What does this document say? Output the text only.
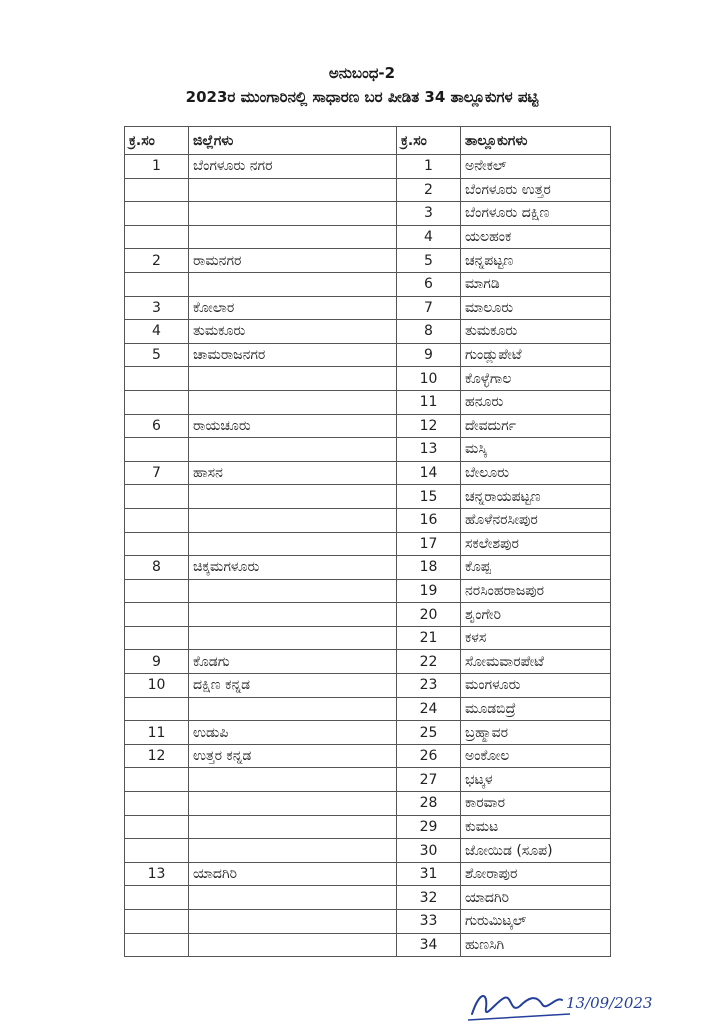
ಅನುಬಂಧ-2
2023ರ ಮುಂಗಾರಿನಲ್ಲಿ ಸಾಧಾರಣ ಬರ ಪೀಡಿತ 34 ತಾಲ್ಲೂಕುಗಳ ಪಟ್ಟಿ
ಕ್ರ.ಸಂ	ಜಿಲ್ಲೆಗಳು	ಕ್ರ.ಸಂ	ತಾಲ್ಲೂಕುಗಳು
1	ಬೆಂಗಳೂರು ನಗರ	1	ಅನೇಕಲ್
		2	ಬೆಂಗಳೂರು ಉತ್ತರ
		3	ಬೆಂಗಳೂರು ದಕ್ಷಿಣ
		4	ಯಲಹಂಕ
2	ರಾಮನಗರ	5	ಚನ್ನಪಟ್ಟಣ
		6	ಮಾಗಡಿ
3	ಕೋಲಾರ	7	ಮಾಲೂರು
4	ತುಮಕೂರು	8	ತುಮಕೂರು
5	ಚಾಮರಾಜನಗರ	9	ಗುಂಡ್ಲುಪೇಟೆ
		10	ಕೊಳ್ಳೆಗಾಲ
		11	ಹನೂರು
6	ರಾಯಚೂರು	12	ದೇವದುರ್ಗ
		13	ಮಸ್ಕಿ
7	ಹಾಸನ	14	ಬೇಲೂರು
		15	ಚನ್ನರಾಯಪಟ್ಟಣ
		16	ಹೊಳೆನರಸೀಪುರ
		17	ಸಕಲೇಶಪುರ
8	ಚಿಕ್ಕಮಗಳೂರು	18	ಕೊಪ್ಪ
		19	ನರಸಿಂಹರಾಜಪುರ
		20	ಶೃಂಗೇರಿ
		21	ಕಳಸ
9	ಕೊಡಗು	22	ಸೋಮವಾರಪೇಟೆ
10	ದಕ್ಷಿಣ ಕನ್ನಡ	23	ಮಂಗಳೂರು
		24	ಮೂಡಬಿದ್ರೆ
11	ಉಡುಪಿ	25	ಬ್ರಹ್ಮಾವರ
12	ಉತ್ತರ ಕನ್ನಡ	26	ಅಂಕೋಲ
		27	ಭಟ್ಕಳ
		28	ಕಾರವಾರ
		29	ಕುಮಟ
		30	ಜೋಯಿಡ (ಸೂಪ)
13	ಯಾದಗಿರಿ	31	ಶೋರಾಪುರ
		32	ಯಾದಗಿರಿ
		33	ಗುರುಮಿಟ್ಕಲ್
		34	ಹುಣಸಿಗಿ
13/09/2023
